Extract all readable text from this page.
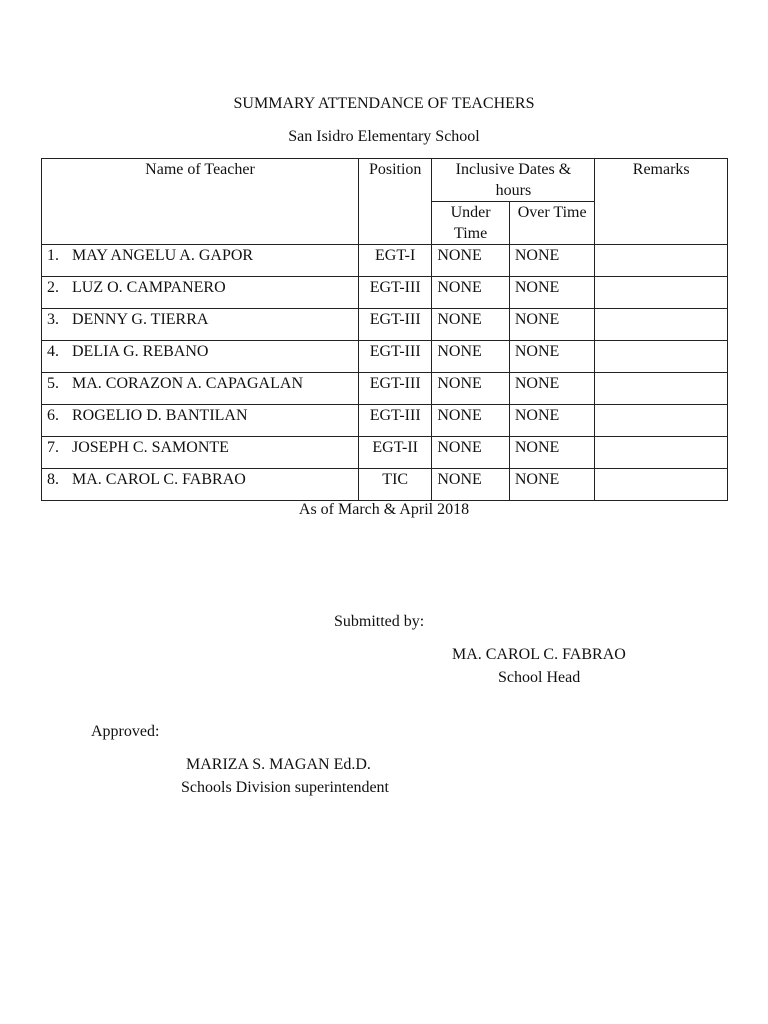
SUMMARY ATTENDANCE OF TEACHERS
San Isidro Elementary School
Name of Teacher	Position	Inclusive Dates & hours		Remarks
		Under Time	Over Time	
1. MAY ANGELU A. GAPOR	EGT-I	NONE	NONE	
2. LUZ O. CAMPANERO	EGT-III	NONE	NONE	
3. DENNY G. TIERRA	EGT-III	NONE	NONE	
4. DELIA G. REBANO	EGT-III	NONE	NONE	
5. MA. CORAZON A. CAPAGALAN	EGT-III	NONE	NONE	
6. ROGELIO D. BANTILAN	EGT-III	NONE	NONE	
7. JOSEPH C. SAMONTE	EGT-II	NONE	NONE	
8. MA. CAROL C. FABRAO	TIC	NONE	NONE	
As of March & April 2018
Submitted by:
MA. CAROL C. FABRAO
School Head
Approved:
MARIZA S. MAGAN Ed.D.
Schools Division superintendent
